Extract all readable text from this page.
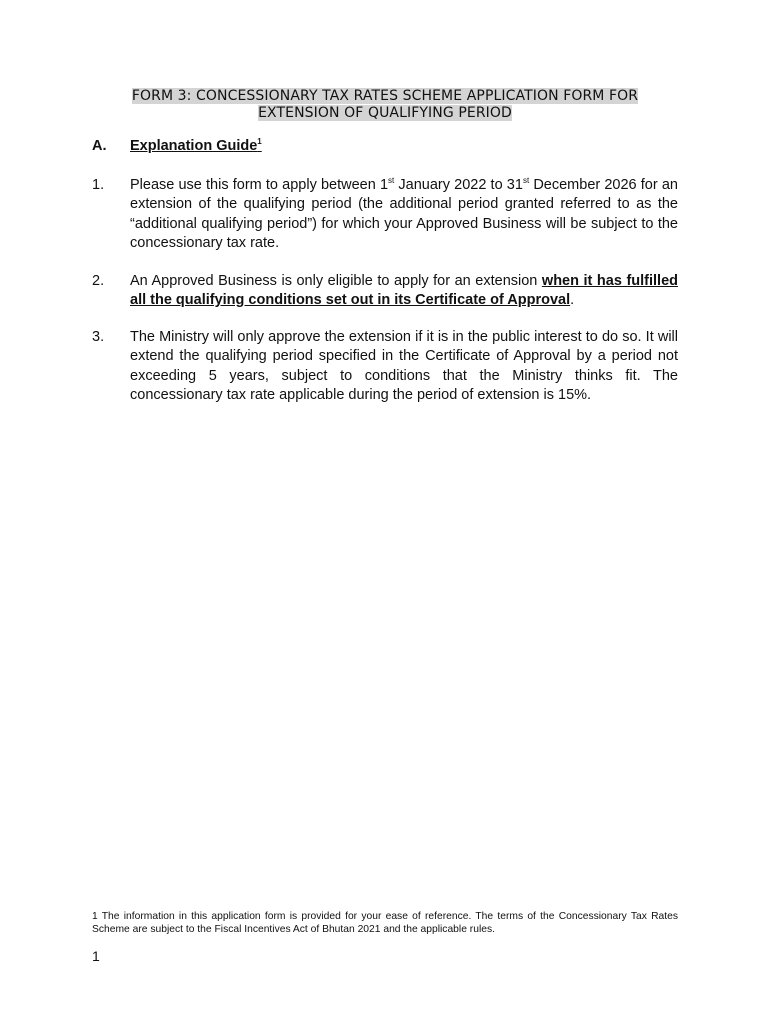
FORM 3: CONCESSIONARY TAX RATES SCHEME APPLICATION FORM FOR
EXTENSION OF QUALIFYING PERIOD
A. Explanation Guide$^1$
1. Please use this form to apply between 1st January 2022 to 31st December 2026 for an extension of the qualifying period (the additional period granted referred to as the “additional qualifying period”) for which your Approved Business will be subject to the concessionary tax rate.
2. An Approved Business is only eligible to apply for an extension when it has fulfilled all the qualifying conditions set out in its Certificate of Approval.
3. The Ministry will only approve the extension if it is in the public interest to do so. It will extend the qualifying period specified in the Certificate of Approval by a period not exceeding 5 years, subject to conditions that the Ministry thinks fit. The concessionary tax rate applicable during the period of extension is 15%.
1 The information in this application form is provided for your ease of reference. The terms of the Concessionary Tax Rates Scheme are subject to the Fiscal Incentives Act of Bhutan 2021 and the applicable rules.
1
